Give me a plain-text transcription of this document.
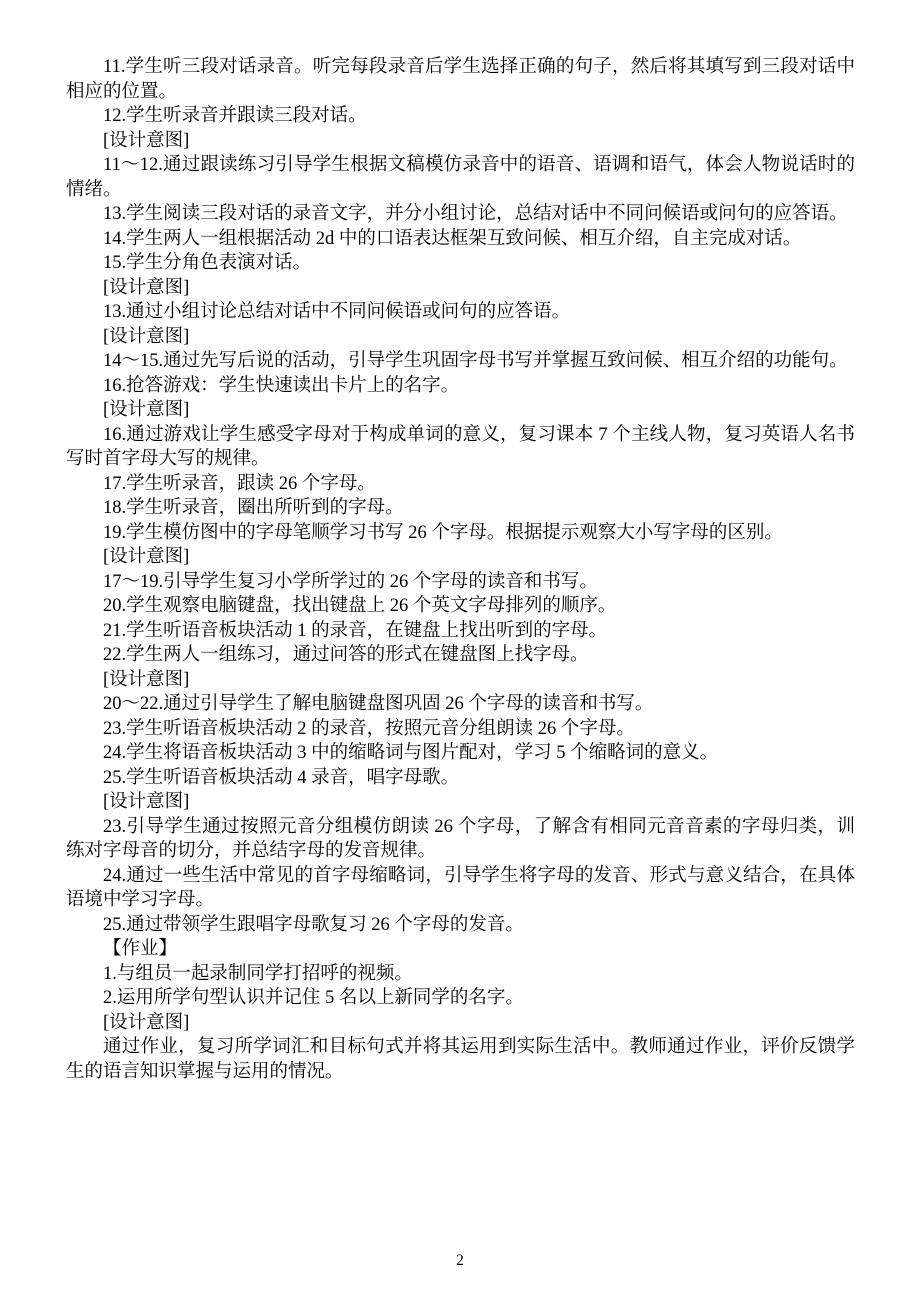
11.学生听三段对话录音。听完每段录音后学生选择正确的句子，然后将其填写到三段对话中相应的位置。

12.学生听录音并跟读三段对话。

[设计意图]

11～12.通过跟读练习引导学生根据文稿模仿录音中的语音、语调和语气，体会人物说话时的情绪。

13.学生阅读三段对话的录音文字，并分小组讨论，总结对话中不同问候语或问句的应答语。

14.学生两人一组根据活动 2d 中的口语表达框架互致问候、相互介绍，自主完成对话。

15.学生分角色表演对话。

[设计意图]

13.通过小组讨论总结对话中不同问候语或问句的应答语。

[设计意图]

14～15.通过先写后说的活动，引导学生巩固字母书写并掌握互致问候、相互介绍的功能句。

16.抢答游戏：学生快速读出卡片上的名字。

[设计意图]

16.通过游戏让学生感受字母对于构成单词的意义，复习课本 7 个主线人物，复习英语人名书写时首字母大写的规律。

17.学生听录音，跟读 26 个字母。

18.学生听录音，圈出所听到的字母。

19.学生模仿图中的字母笔顺学习书写 26 个字母。根据提示观察大小写字母的区别。

[设计意图]

17～19.引导学生复习小学所学过的 26 个字母的读音和书写。

20.学生观察电脑键盘，找出键盘上 26 个英文字母排列的顺序。

21.学生听语音板块活动 1 的录音，在键盘上找出听到的字母。

22.学生两人一组练习，通过问答的形式在键盘图上找字母。

[设计意图]

20～22.通过引导学生了解电脑键盘图巩固 26 个字母的读音和书写。

23.学生听语音板块活动 2 的录音，按照元音分组朗读 26 个字母。

24.学生将语音板块活动 3 中的缩略词与图片配对，学习 5 个缩略词的意义。

25.学生听语音板块活动 4 录音，唱字母歌。

[设计意图]

23.引导学生通过按照元音分组模仿朗读 26 个字母，了解含有相同元音音素的字母归类，训练对字母音的切分，并总结字母的发音规律。

24.通过一些生活中常见的首字母缩略词，引导学生将字母的发音、形式与意义结合，在具体语境中学习字母。

25.通过带领学生跟唱字母歌复习 26 个字母的发音。

【作业】

1.与组员一起录制同学打招呼的视频。

2.运用所学句型认识并记住 5 名以上新同学的名字。

[设计意图]

通过作业，复习所学词汇和目标句式并将其运用到实际生活中。教师通过作业，评价反馈学生的语言知识掌握与运用的情况。

2
